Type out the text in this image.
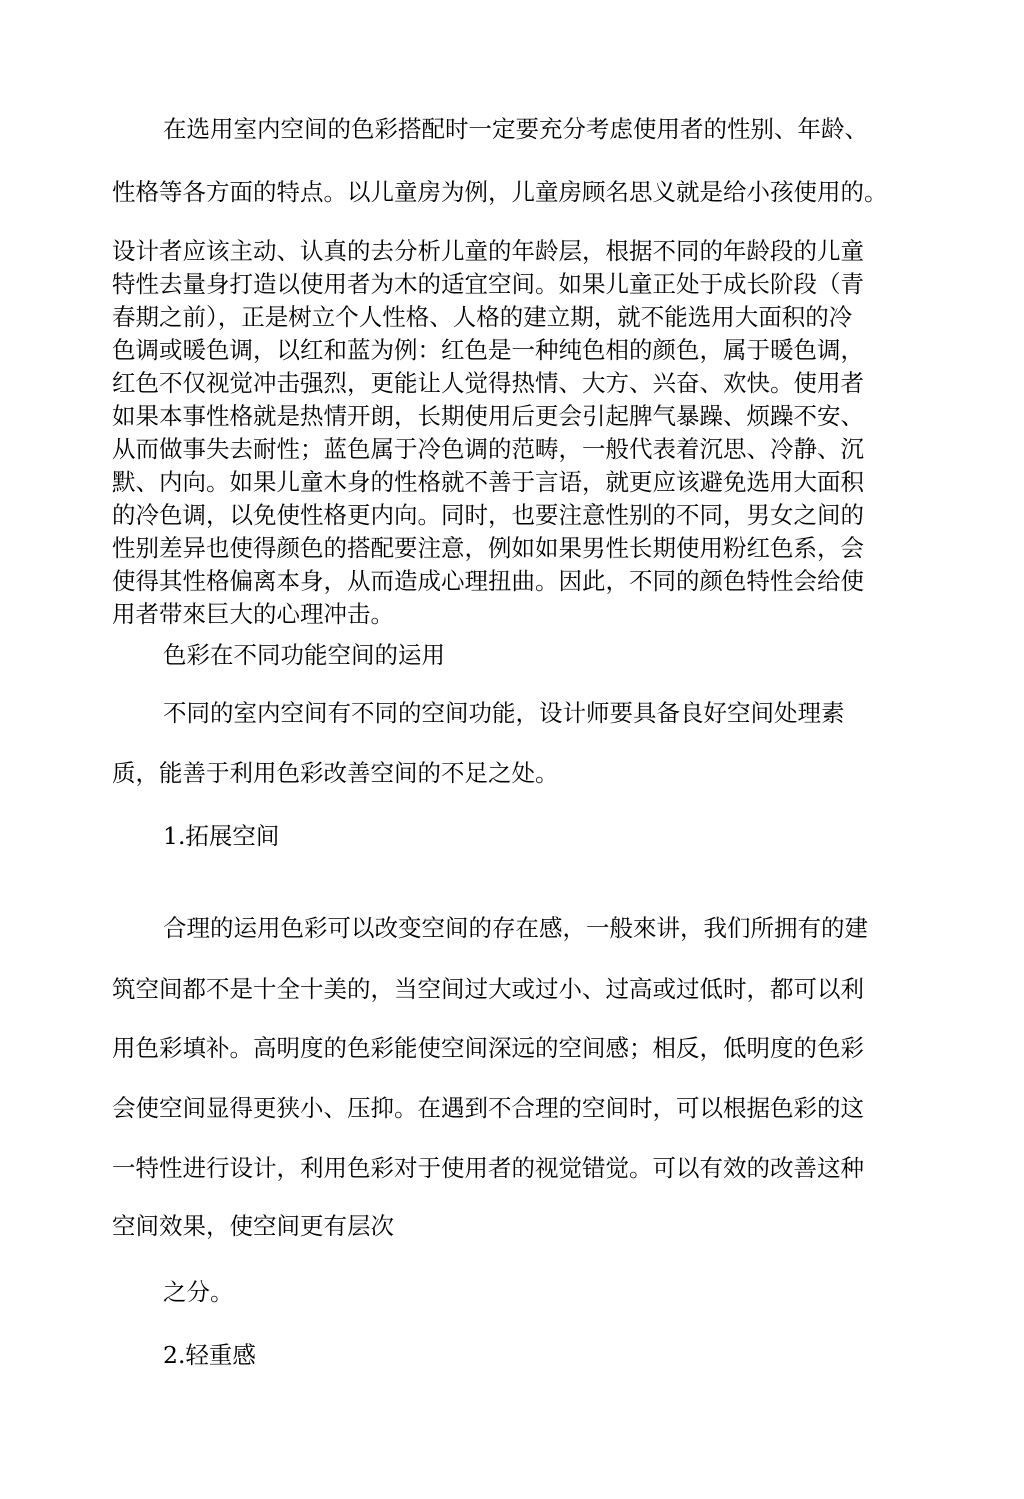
在选用室内空间的色彩搭配时一定要充分考虑使用者的性别、年龄、

性格等各方面的特点。以儿童房为例，儿童房顾名思义就是给小孩使用的。

设计者应该主动、认真的去分析儿童的年龄层，根据不同的年龄段的儿童

特性去量身打造以使用者为木的适宜空间。如果儿童正处于成长阶段（青

春期之前），正是树立个人性格、人格的建立期，就不能选用大面积的冷

色调或暖色调，以红和蓝为例：红色是一种纯色相的颜色，属于暖色调，

红色不仅视觉冲击强烈，更能让人觉得热情、大方、兴奋、欢快。使用者

如果本事性格就是热情开朗，长期使用后更会引起脾气暴躁、烦躁不安、

从而做事失去耐性；蓝色属于冷色调的范畴，一般代表着沉思、冷静、沉

默、内向。如果儿童木身的性格就不善于言语，就更应该避免选用大面积

的冷色调，以免使性格更内向。同时，也要注意性别的不同，男女之间的

性别差异也使得颜色的搭配要注意，例如如果男性长期使用粉红色系，会

使得其性格偏离本身，从而造成心理扭曲。因此，不同的颜色特性会给使

用者带來巨大的心理冲击。

色彩在不同功能空间的运用

不同的室内空间有不同的空间功能，设计师要具备良好空间处理素

质，能善于利用色彩改善空间的不足之处。

1.拓展空间

合理的运用色彩可以改变空间的存在感，一般來讲，我们所拥有的建

筑空间都不是十全十美的，当空间过大或过小、过高或过低时，都可以利

用色彩填补。高明度的色彩能使空间深远的空间感；相反，低明度的色彩

会使空间显得更狭小、压抑。在遇到不合理的空间时，可以根据色彩的这

一特性进行设计，利用色彩对于使用者的视觉错觉。可以有效的改善这种

空间效果，使空间更有层次

之分。

2.轻重感
